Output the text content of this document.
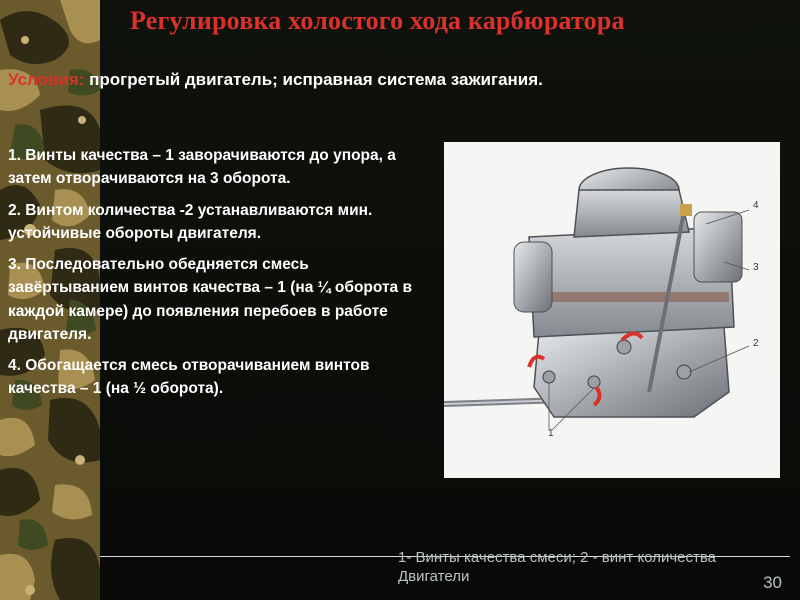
Регулировка холостого хода карбюратора
Условия: прогретый двигатель; исправная система зажигания.

1. Винты качества – 1 заворачиваются до упора, а затем отворачиваются на 3 оборота.

2. Винтом количества -2 устанавливаются мин. устойчивые обороты двигателя.

3. Последовательно обедняется смесь завёртыванием винтов качества – 1 (на ¼ оборота в каждой камере) до появления перебоев в работе двигателя.

4. Обогащается смесь отворачиванием винтов качества – 1 (на ½ оборота).

4
3
2
1
1- Винты качества смеси; 2 - винт количества Двигатели	30
